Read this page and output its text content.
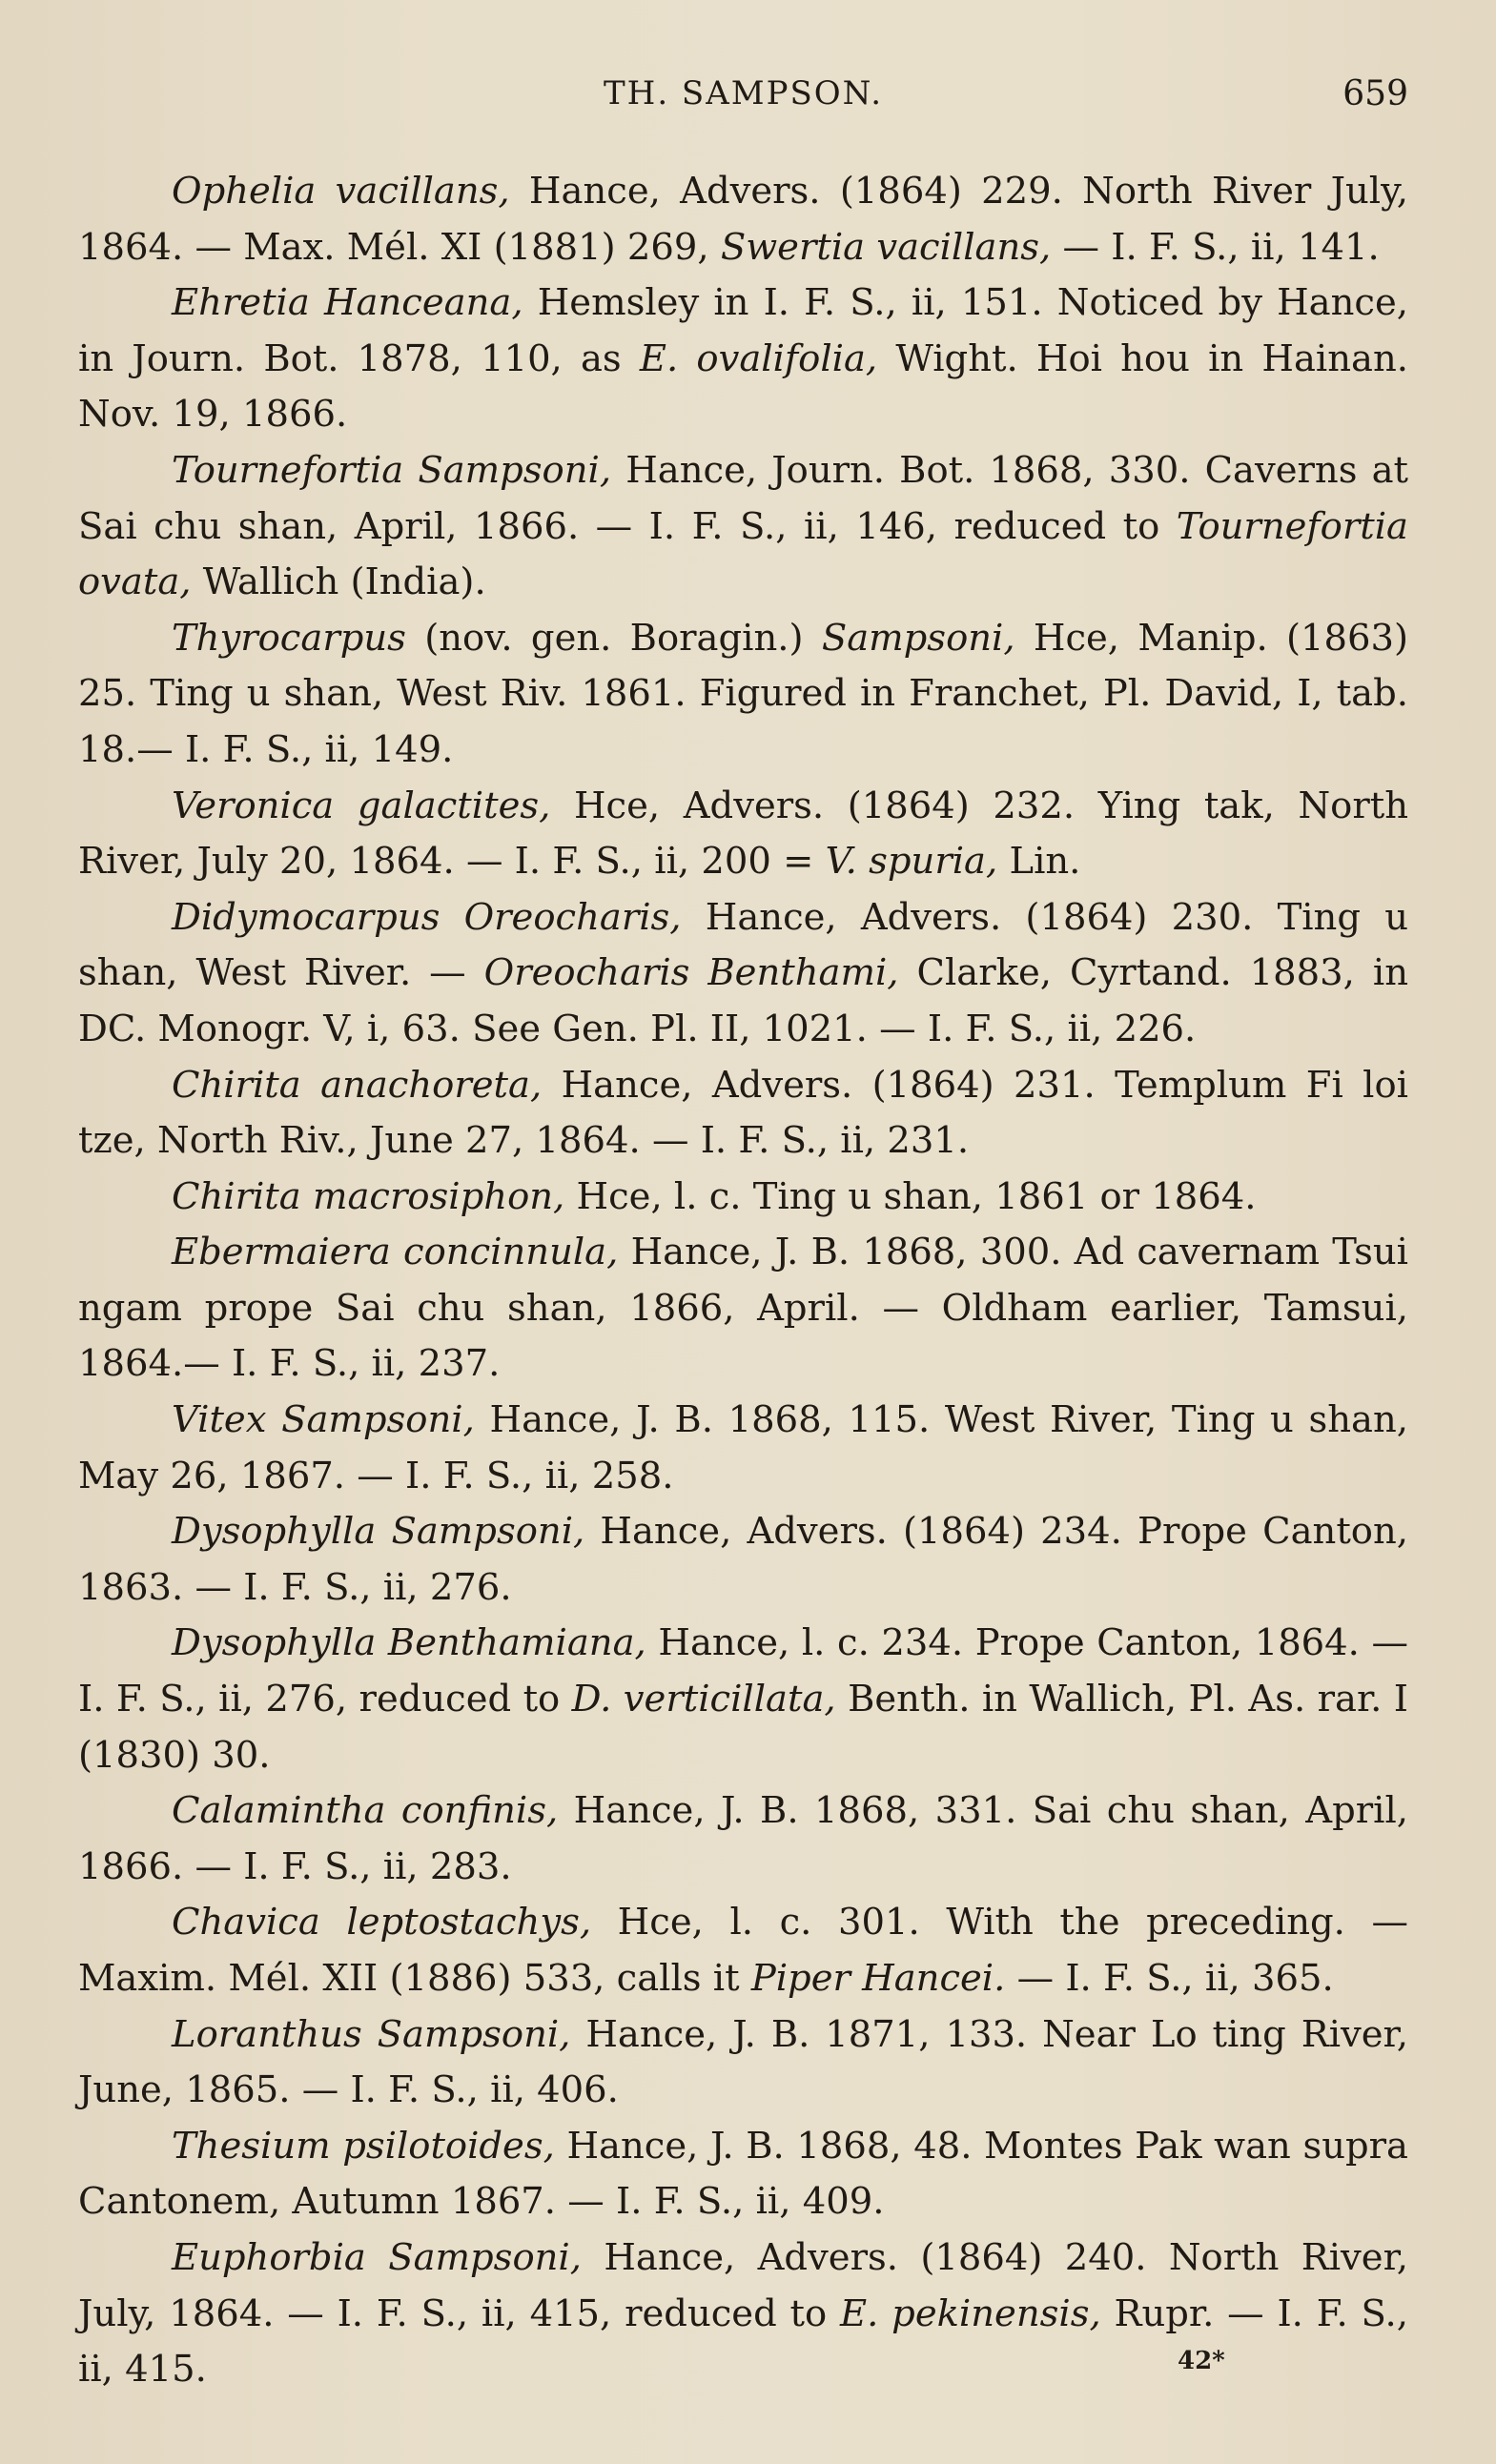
TH. SAMPSON.	659

Ophelia vacillans, Hance, Advers. (1864) 229. North River July, 1864. — Max. Mél. XI (1881) 269, Swertia vacillans, — I. F. S., ii, 141.

Ehretia Hanceana, Hemsley in I. F. S., ii, 151. Noticed by Hance, in Journ. Bot. 1878, 110, as E. ovalifolia, Wight. Hoi hou in Hainan. Nov. 19, 1866.

Tournefortia Sampsoni, Hance, Journ. Bot. 1868, 330. Caverns at Sai chu shan, April, 1866. — I. F. S., ii, 146, reduced to Tournefortia ovata, Wallich (India).

Thyrocarpus (nov. gen. Boragin.) Sampsoni, Hce, Manip. (1863) 25. Ting u shan, West Riv. 1861. Figured in Franchet, Pl. David, I, tab. 18.— I. F. S., ii, 149.

Veronica galactites, Hce, Advers. (1864) 232. Ying tak, North River, July 20, 1864. — I. F. S., ii, 200 = V. spuria, Lin.

Didymocarpus Oreocharis, Hance, Advers. (1864) 230. Ting u shan, West River. — Oreocharis Benthami, Clarke, Cyrtand. 1883, in DC. Monogr. V, i, 63. See Gen. Pl. II, 1021. — I. F. S., ii, 226.

Chirita anachoreta, Hance, Advers. (1864) 231. Templum Fi loi tze, North Riv., June 27, 1864. — I. F. S., ii, 231.

Chirita macrosiphon, Hce, l. c. Ting u shan, 1861 or 1864.

Ebermaiera concinnula, Hance, J. B. 1868, 300. Ad cavernam Tsui ngam prope Sai chu shan, 1866, April. — Oldham earlier, Tamsui, 1864.— I. F. S., ii, 237.

Vitex Sampsoni, Hance, J. B. 1868, 115. West River, Ting u shan, May 26, 1867. — I. F. S., ii, 258.

Dysophylla Sampsoni, Hance, Advers. (1864) 234. Prope Canton, 1863. — I. F. S., ii, 276.

Dysophylla Benthamiana, Hance, l. c. 234. Prope Canton, 1864. — I. F. S., ii, 276, reduced to D. verticillata, Benth. in Wallich, Pl. As. rar. I (1830) 30.

Calamintha confinis, Hance, J. B. 1868, 331. Sai chu shan, April, 1866. — I. F. S., ii, 283.

Chavica leptostachys, Hce, l. c. 301. With the preceding. — Maxim. Mél. XII (1886) 533, calls it Piper Hancei. — I. F. S., ii, 365.

Loranthus Sampsoni, Hance, J. B. 1871, 133. Near Lo ting River, June, 1865. — I. F. S., ii, 406.

Thesium psilotoides, Hance, J. B. 1868, 48. Montes Pak wan supra Cantonem, Autumn 1867. — I. F. S., ii, 409.

Euphorbia Sampsoni, Hance, Advers. (1864) 240. North River, July, 1864. — I. F. S., ii, 415, reduced to E. pekinensis, Rupr. — I. F. S., ii, 415.	42*
